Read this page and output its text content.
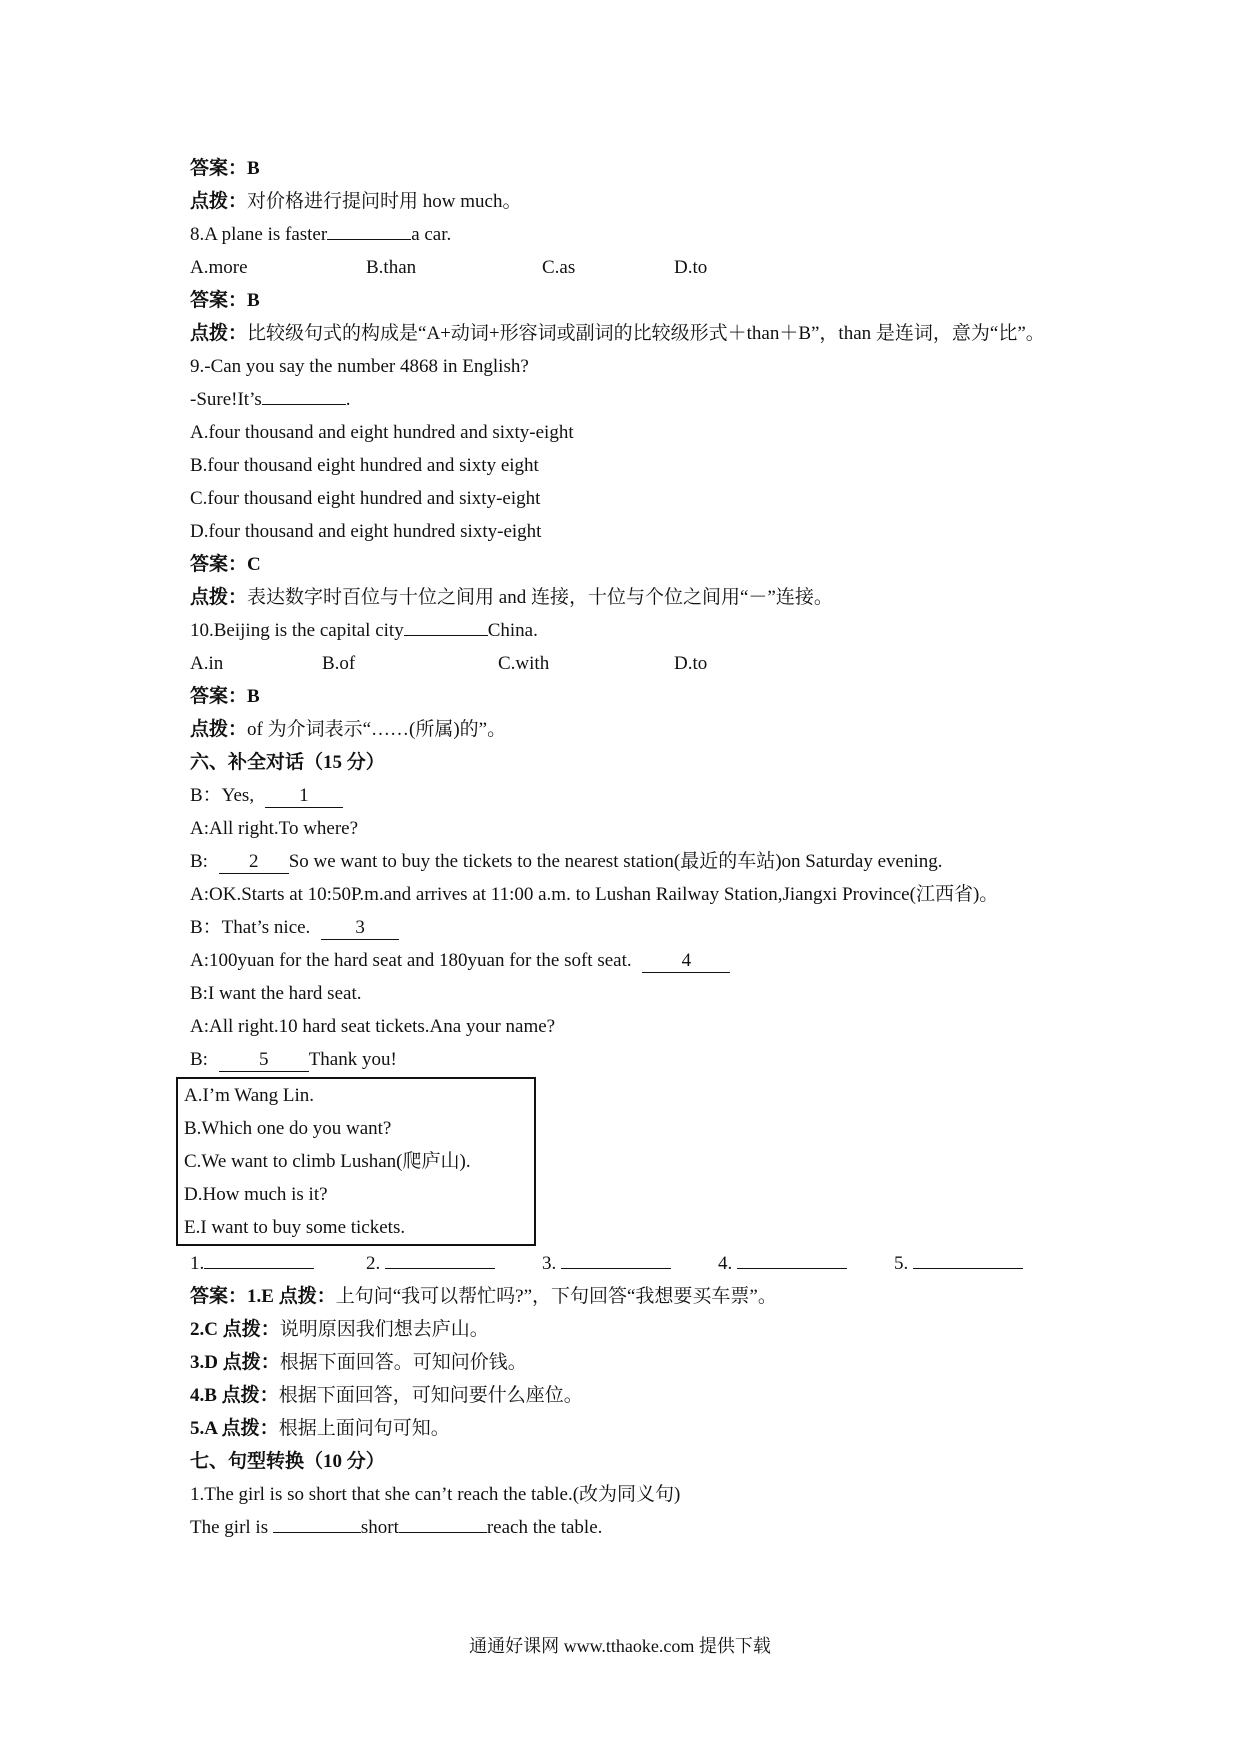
答案：B
点拨：对价格进行提问时用 how much。
8.A plane is faster	a car.
A.more	B.than	C.as	D.to
答案：B
点拨：比较级句式的构成是“A+动词+形容词或副词的比较级形式＋than＋B”，than 是连词，意为“比”。
9.-Can you say the number 4868 in English?
-Sure!It’s	.
A.four thousand and eight hundred and sixty-eight
B.four thousand eight hundred and sixty eight
C.four thousand eight hundred and sixty-eight
D.four thousand and eight hundred sixty-eight
答案：C
点拨：表达数字时百位与十位之间用 and 连接，十位与个位之间用“－”连接。
10.Beijing is the capital city	China.
A.in	B.of	C.with	D.to
答案：B
点拨：of 为介词表示“……(所属)的”。
六、补全对话（15 分）
B：Yes, 1
A:All right.To where?
B: 2 So we want to buy the tickets to the nearest station(最近的车站)on Saturday evening.
A:OK.Starts at 10:50P.m.and arrives at 11:00 a.m. to Lushan Railway Station,Jiangxi Province(江西省)。
B：That’s nice. 3
A:100yuan for the hard seat and 180yuan for the soft seat.	4
B:I want the hard seat.
A:All right.10 hard seat tickets.Ana your name?
B:	5 Thank you!
A.I’m Wang Lin.
B.Which one do you want?
C.We want to climb Lushan(爬庐山).
D.How much is it?
E.I want to buy some tickets.
1.	2.	3.	4.	5.
答案：1.E 点拨：上句问“我可以帮忙吗?”，下句回答“我想要买车票”。
2.C 点拨：说明原因我们想去庐山。
3.D 点拨：根据下面回答。可知问价钱。
4.B 点拨：根据下面回答，可知问要什么座位。
5.A 点拨：根据上面问句可知。
七、句型转换（10 分）
1.The girl is so short that she can’t reach the table.(改为同义句)
The girl is	short	reach the table.
通通好课网 www.tthaoke.com 提供下载
